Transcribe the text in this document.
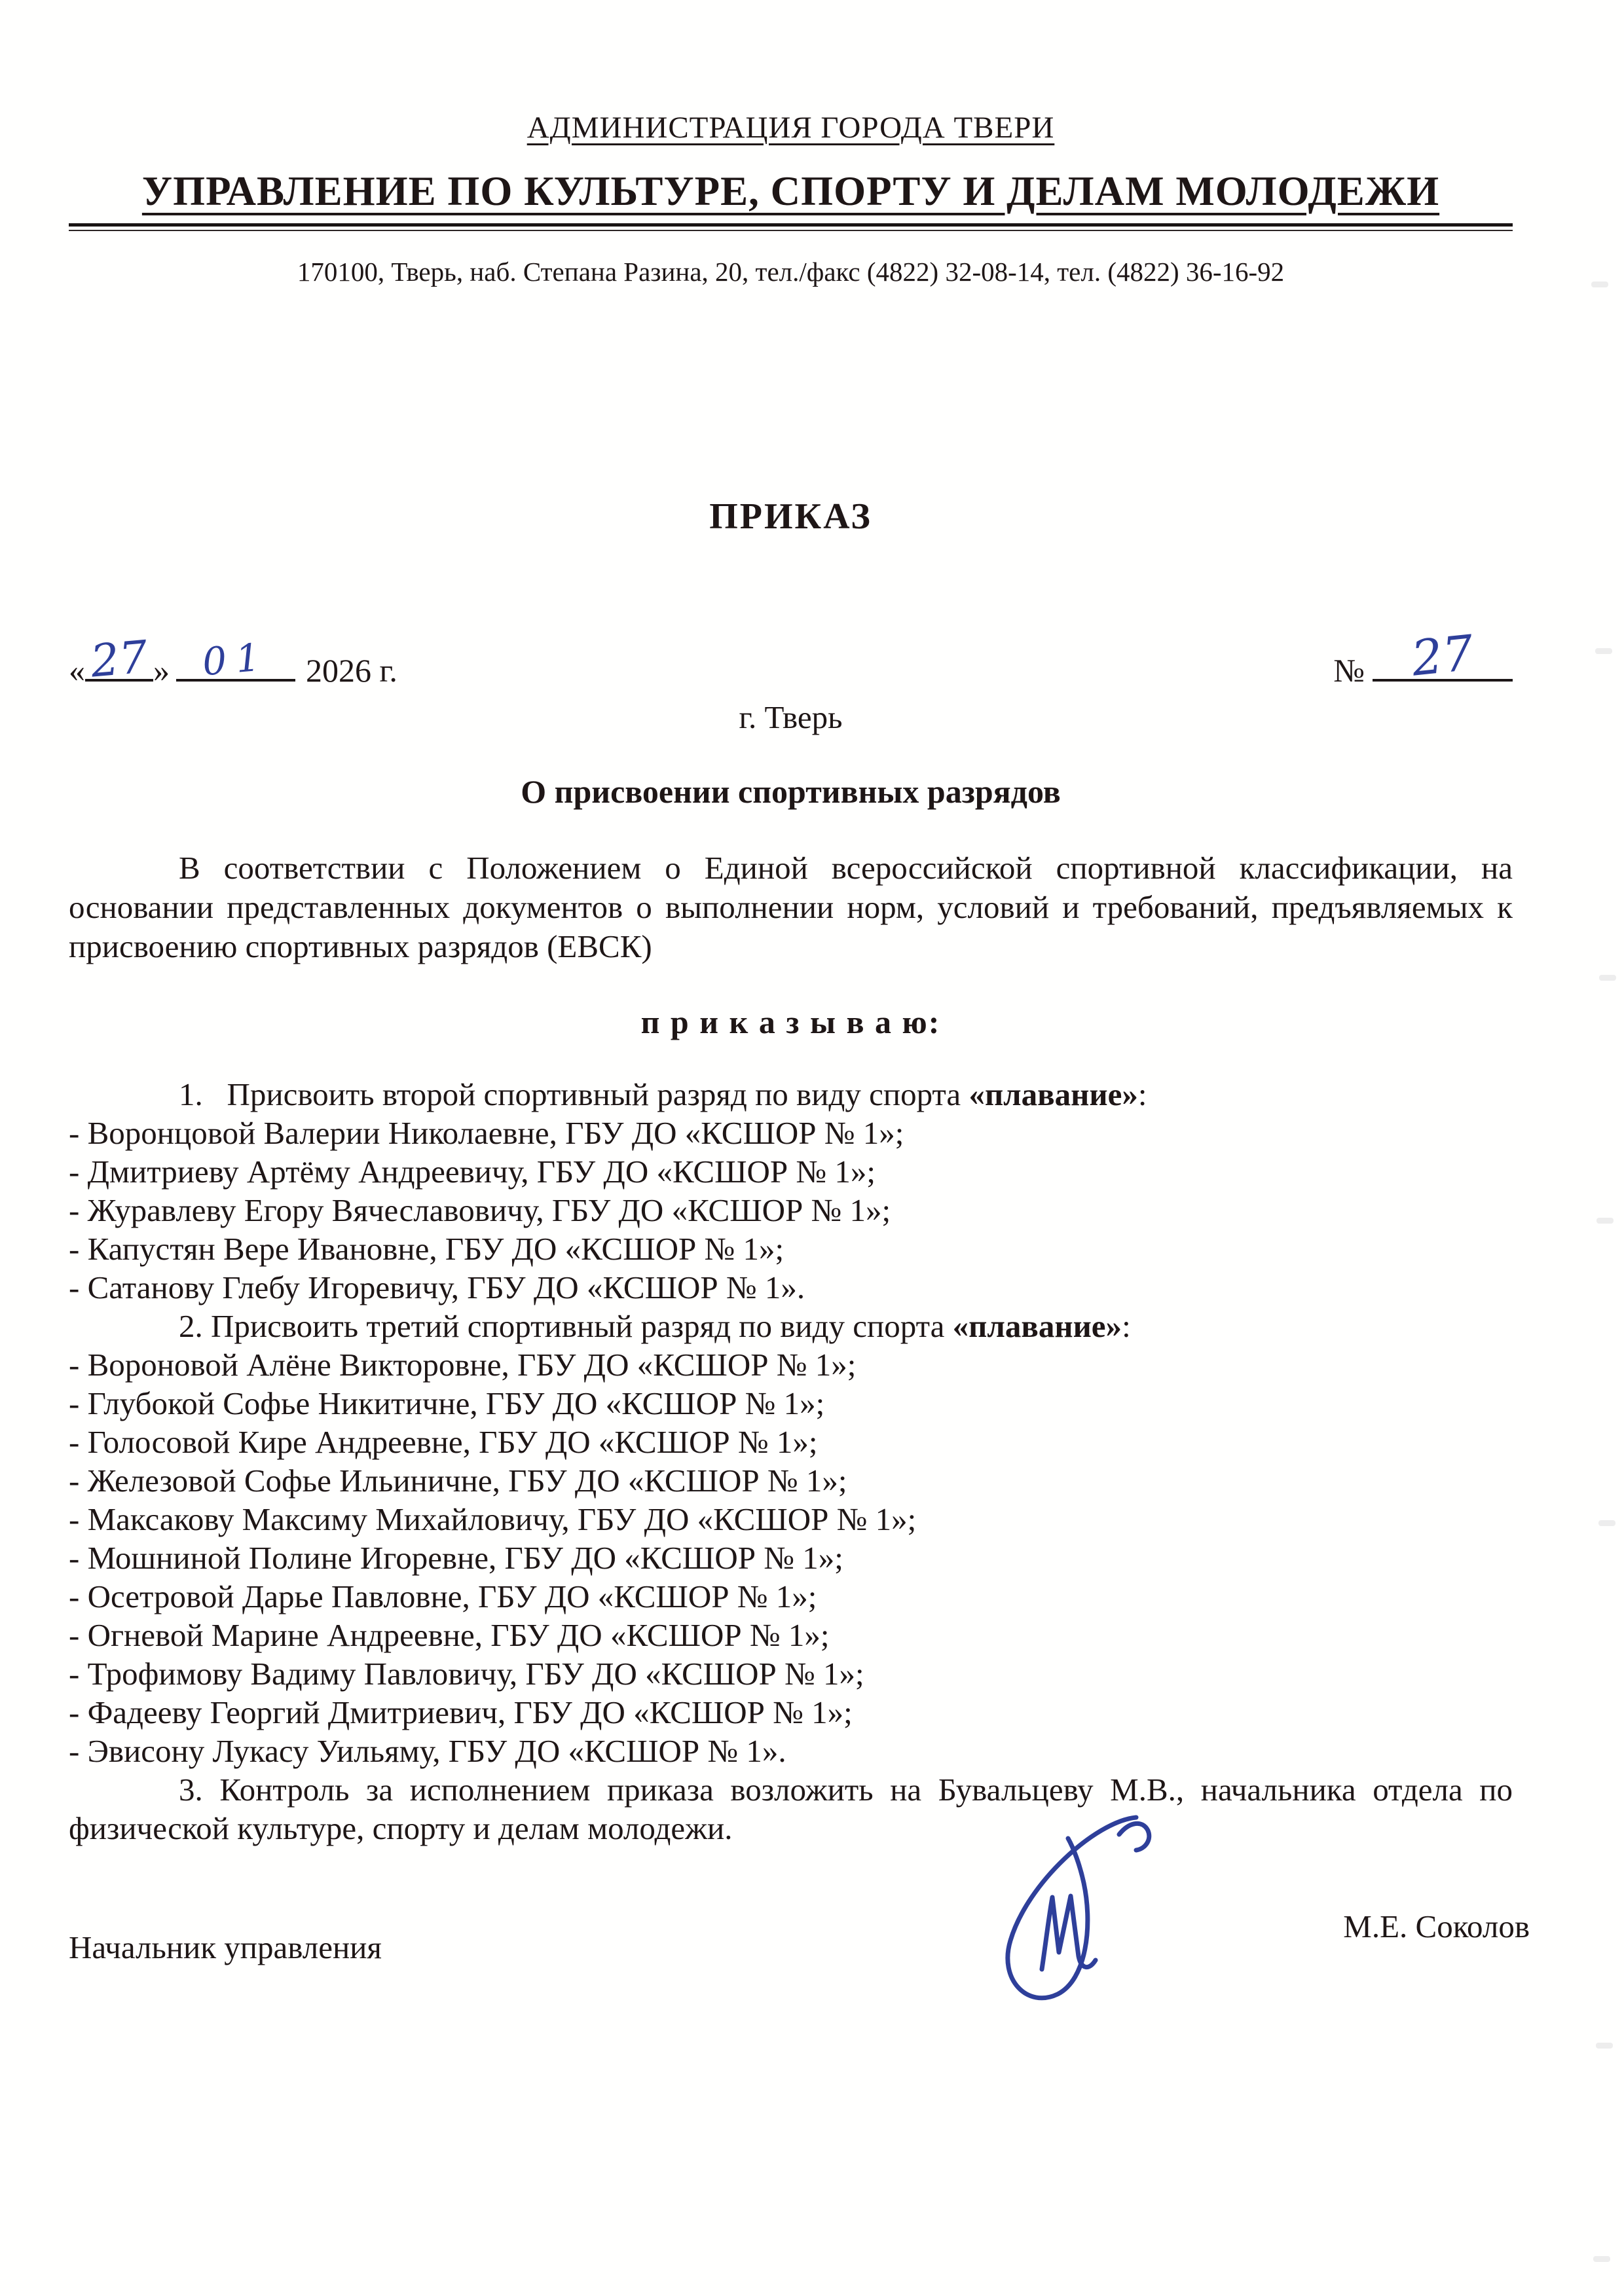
АДМИНИСТРАЦИЯ ГОРОДА ТВЕРИ
УПРАВЛЕНИЕ ПО КУЛЬТУРЕ, СПОРТУ И ДЕЛАМ МОЛОДЕЖИ
170100, Тверь, наб. Степана Разина, 20, тел./факс (4822) 32-08-14, тел. (4822) 36-16-92
ПРИКАЗ
« 27 » 01 2026 г.	№ 27
г. Тверь
О присвоении спортивных разрядов

В соответствии с Положением о Единой всероссийской спортивной классификации, на основании представленных документов о выполнении норм, условий и требований, предъявляемых к присвоению спортивных разрядов (ЕВСК)

п р и к а з ы в а ю:
1.   Присвоить второй спортивный разряд по виду спорта «плавание»:
- Воронцовой Валерии Николаевне, ГБУ ДО «КСШОР № 1»;
- Дмитриеву Артёму Андреевичу, ГБУ ДО «КСШОР № 1»;
- Журавлеву Егору Вячеславовичу, ГБУ ДО «КСШОР № 1»;
- Капустян Вере Ивановне, ГБУ ДО «КСШОР № 1»;
- Сатанову Глебу Игоревичу, ГБУ ДО «КСШОР № 1».
2. Присвоить третий спортивный разряд по виду спорта «плавание»:
- Вороновой Алёне Викторовне, ГБУ ДО «КСШОР № 1»;
- Глубокой Софье Никитичне, ГБУ ДО «КСШОР № 1»;
- Голосовой Кире Андреевне, ГБУ ДО «КСШОР № 1»;
- Железовой Софье Ильиничне, ГБУ ДО «КСШОР № 1»;
- Максакову Максиму Михайловичу, ГБУ ДО «КСШОР № 1»;
- Мошниной Полине Игоревне, ГБУ ДО «КСШОР № 1»;
- Осетровой Дарье Павловне, ГБУ ДО «КСШОР № 1»;
- Огневой Марине Андреевне, ГБУ ДО «КСШОР № 1»;
- Трофимову Вадиму Павловичу, ГБУ ДО «КСШОР № 1»;
- Фадееву Георгий Дмитриевич, ГБУ ДО «КСШОР № 1»;
- Эвисону Лукасу Уильяму, ГБУ ДО «КСШОР № 1».
3. Контроль за исполнением приказа возложить на Бувальцеву М.В., начальника отдела по физической культуре, спорту и делам молодежи.
Начальник управления
М.Е. Соколов
